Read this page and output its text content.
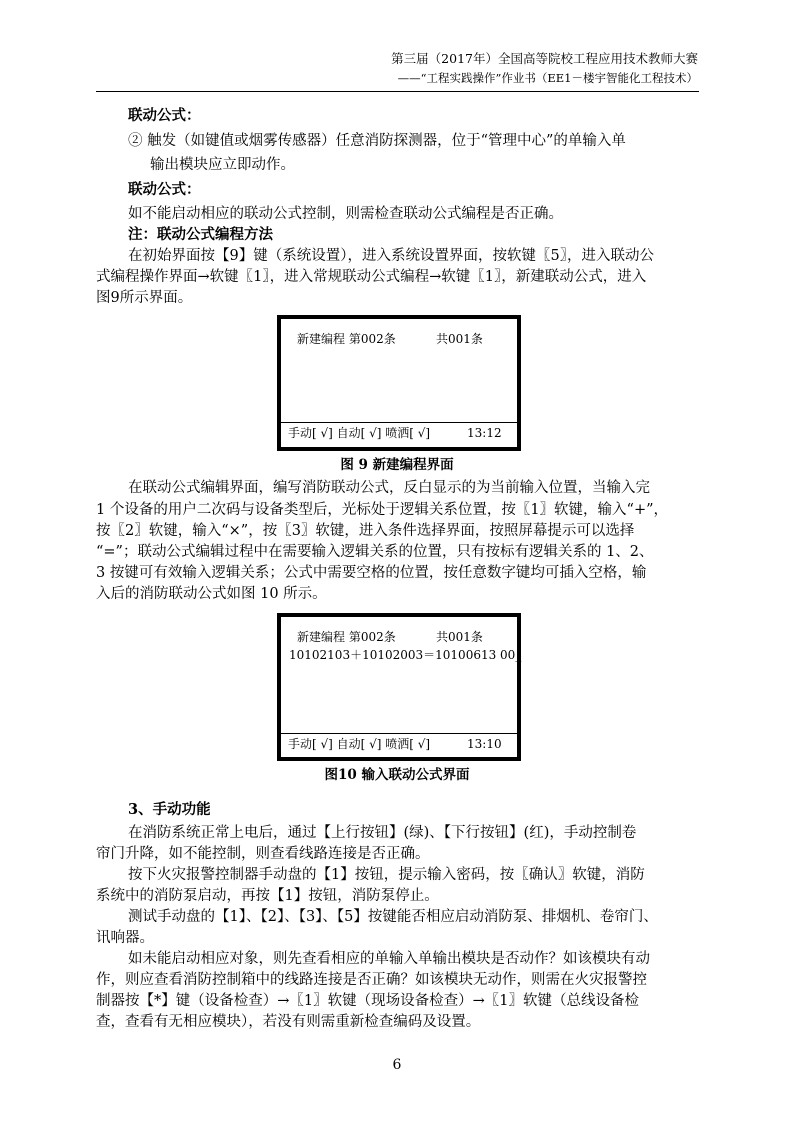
第三届（2017年）全国高等院校工程应用技术教师大赛
——“工程实践操作”作业书（EE1－楼宇智能化工程技术）
联动公式：
② 触发（如键值或烟雾传感器）任意消防探测器，位于“管理中心”的单输入单
输出模块应立即动作。
联动公式：
如不能启动相应的联动公式控制，则需检查联动公式编程是否正确。
注：联动公式编程方法
在初始界面按【9】键（系统设置），进入系统设置界面，按软键〖5〗，进入联动公
式编程操作界面→软键〖1〗，进入常规联动公式编程→软键〖1〗，新建联动公式，进入
图9所示界面。
新建编程 第002条	共001条
手动[ √] 自动[ √] 喷洒[ √]	13:12
图 9 新建编程界面
在联动公式编辑界面，编写消防联动公式，反白显示的为当前输入位置，当输入完
1 个设备的用户二次码与设备类型后，光标处于逻辑关系位置，按〖1〗软键，输入“+”，
按〖2〗软键，输入“×”，按〖3〗软键，进入条件选择界面，按照屏幕提示可以选择
“=”；联动公式编辑过程中在需要输入逻辑关系的位置，只有按标有逻辑关系的 1、2、
3 按键可有效输入逻辑关系；公式中需要空格的位置，按任意数字键均可插入空格，输
入后的消防联动公式如图 10 所示。
新建编程 第002条	共001条
10102103＋10102003＝10100613 00_
手动[ √] 自动[ √] 喷洒[ √]	13:10
图10 输入联动公式界面
3、手动功能
在消防系统正常上电后，通过【上行按钮】(绿)、【下行按钮】(红)，手动控制卷
帘门升降，如不能控制，则查看线路连接是否正确。
按下火灾报警控制器手动盘的【1】按钮，提示输入密码，按〖确认〗软键，消防
系统中的消防泵启动，再按【1】按钮，消防泵停止。
测试手动盘的【1】、【2】、【3】、【5】按键能否相应启动消防泵、排烟机、卷帘门、
讯响器。
如未能启动相应对象，则先查看相应的单输入单输出模块是否动作？如该模块有动
作，则应查看消防控制箱中的线路连接是否正确？如该模块无动作，则需在火灾报警控
制器按【*】键（设备检查）→〖1〗软键（现场设备检查）→〖1〗软键（总线设备检
查，查看有无相应模块），若没有则需重新检查编码及设置。
6
